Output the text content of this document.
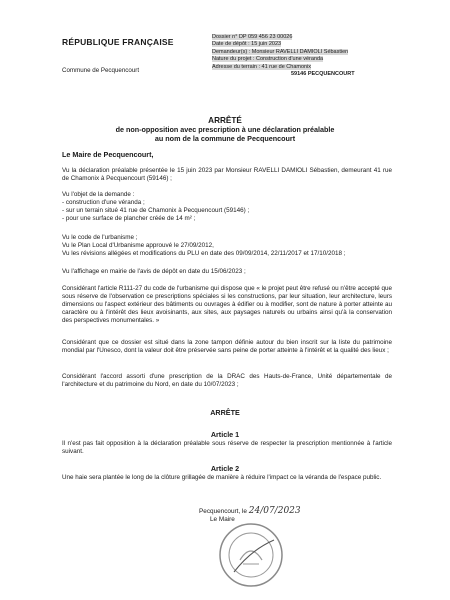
RÉPUBLIQUE FRANÇAISE
Commune de Pecquencourt
Dossier n° DP 059 456 23 00026
Date de dépôt : 15 juin 2023
Demandeur(s) : Monsieur RAVELLI DAMIOLI Sébastien
Nature du projet : Construction d'une véranda
Adresse du terrain : 41 rue de Chamonix
59146 PECQUENCOURT
ARRÊTÉ
de non-opposition avec prescription à une déclaration préalable
au nom de la commune de Pecquencourt
Le Maire de Pecquencourt,

Vu la déclaration préalable présentée le 15 juin 2023 par Monsieur RAVELLI DAMIOLI Sébastien, demeurant 41 rue de Chamonix à Pecquencourt (59146) ;

Vu l'objet de la demande :

- construction d'une véranda ;

- sur un terrain situé 41 rue de Chamonix à Pecquencourt (59146) ;

- pour une surface de plancher créée de 14 m² ;

Vu le code de l'urbanisme ;

Vu le Plan Local d'Urbanisme approuvé le 27/09/2012,

Vu les révisions allégées et modifications du PLU en date des 09/09/2014, 22/11/2017 et 17/10/2018 ;

Vu l'affichage en mairie de l'avis de dépôt en date du 15/06/2023 ;

Considérant l'article R111-27 du code de l'urbanisme qui dispose que « le projet peut être refusé ou n'être accepté que sous réserve de l'observation ce prescriptions spéciales si les constructions, par leur situation, leur architecture, leurs dimensions ou l'aspect extérieur des bâtiments ou ouvrages à édifier ou à modifier, sont de nature à porter atteinte au caractère ou à l'intérêt des lieux avoisinants, aux sites, aux paysages naturels ou urbains ainsi qu'à la conservation des perspectives monumentales. »

Considérant que ce dossier est situé dans la zone tampon définie autour du bien inscrit sur la liste du patrimoine mondial par l'Unesco, dont la valeur doit être préservée sans peine de porter atteinte à l'intérêt et la qualité des lieux ;

Considérant l'accord assorti d'une prescription de la DRAC des Hauts-de-France, Unité départementale de l'architecture et du patrimoine du Nord, en date du 10/07/2023 ;

ARRÊTE
Article 1

Il n'est pas fait opposition à la déclaration préalable sous réserve de respecter la prescription mentionnée à l'article suivant.

Article 2

Une haie sera plantée le long de la clôture grillagée de manière à réduire l'impact ce la véranda de l'espace public.

Pecquencourt, le 24/07/2023
Le Maire
